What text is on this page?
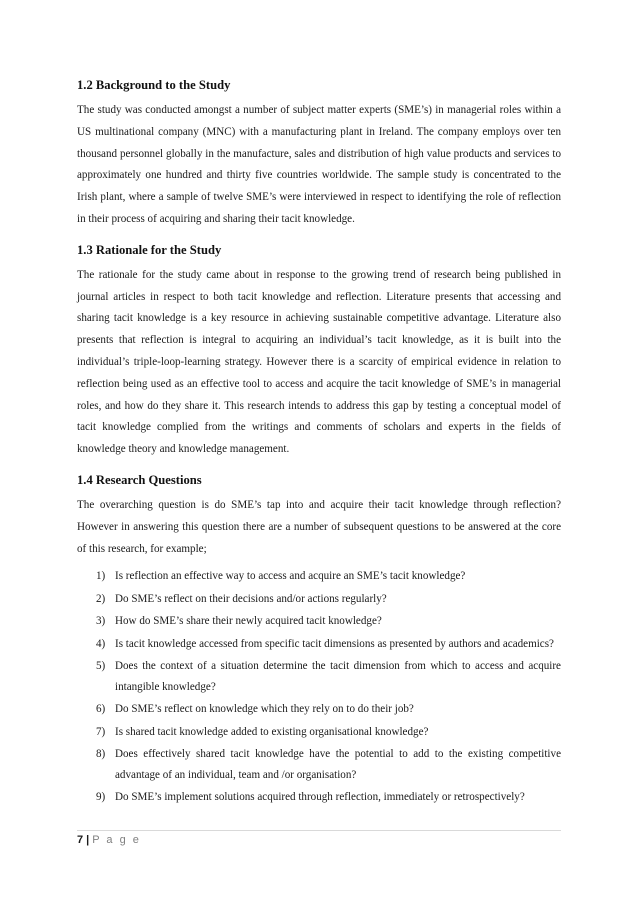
1.2 Background to the Study

The study was conducted amongst a number of subject matter experts (SME’s) in managerial roles within a US multinational company (MNC) with a manufacturing plant in Ireland. The company employs over ten thousand personnel globally in the manufacture, sales and distribution of high value products and services to approximately one hundred and thirty five countries worldwide. The sample study is concentrated to the Irish plant, where a sample of twelve SME’s were interviewed in respect to identifying the role of reflection in their process of acquiring and sharing their tacit knowledge.

1.3 Rationale for the Study

The rationale for the study came about in response to the growing trend of research being published in journal articles in respect to both tacit knowledge and reflection. Literature presents that accessing and sharing tacit knowledge is a key resource in achieving sustainable competitive advantage. Literature also presents that reflection is integral to acquiring an individual’s tacit knowledge, as it is built into the individual’s triple-loop-learning strategy. However there is a scarcity of empirical evidence in relation to reflection being used as an effective tool to access and acquire the tacit knowledge of SME’s in managerial roles, and how do they share it. This research intends to address this gap by testing a conceptual model of tacit knowledge complied from the writings and comments of scholars and experts in the fields of knowledge theory and knowledge management.

1.4 Research Questions

The overarching question is do SME’s tap into and acquire their tacit knowledge through reflection? However in answering this question there are a number of subsequent questions to be answered at the core of this research, for example;

1) Is reflection an effective way to access and acquire an SME’s tacit knowledge?
2) Do SME’s reflect on their decisions and/or actions regularly?
3) How do SME’s share their newly acquired tacit knowledge?
4) Is tacit knowledge accessed from specific tacit dimensions as presented by authors and academics?
5) Does the context of a situation determine the tacit dimension from which to access and acquire intangible knowledge?
6) Do SME’s reflect on knowledge which they rely on to do their job?
7) Is shared tacit knowledge added to existing organisational knowledge?
8) Does effectively shared tacit knowledge have the potential to add to the existing competitive advantage of an individual, team and /or organisation?
9) Do SME’s implement solutions acquired through reflection, immediately or retrospectively?
7 | P a g e
